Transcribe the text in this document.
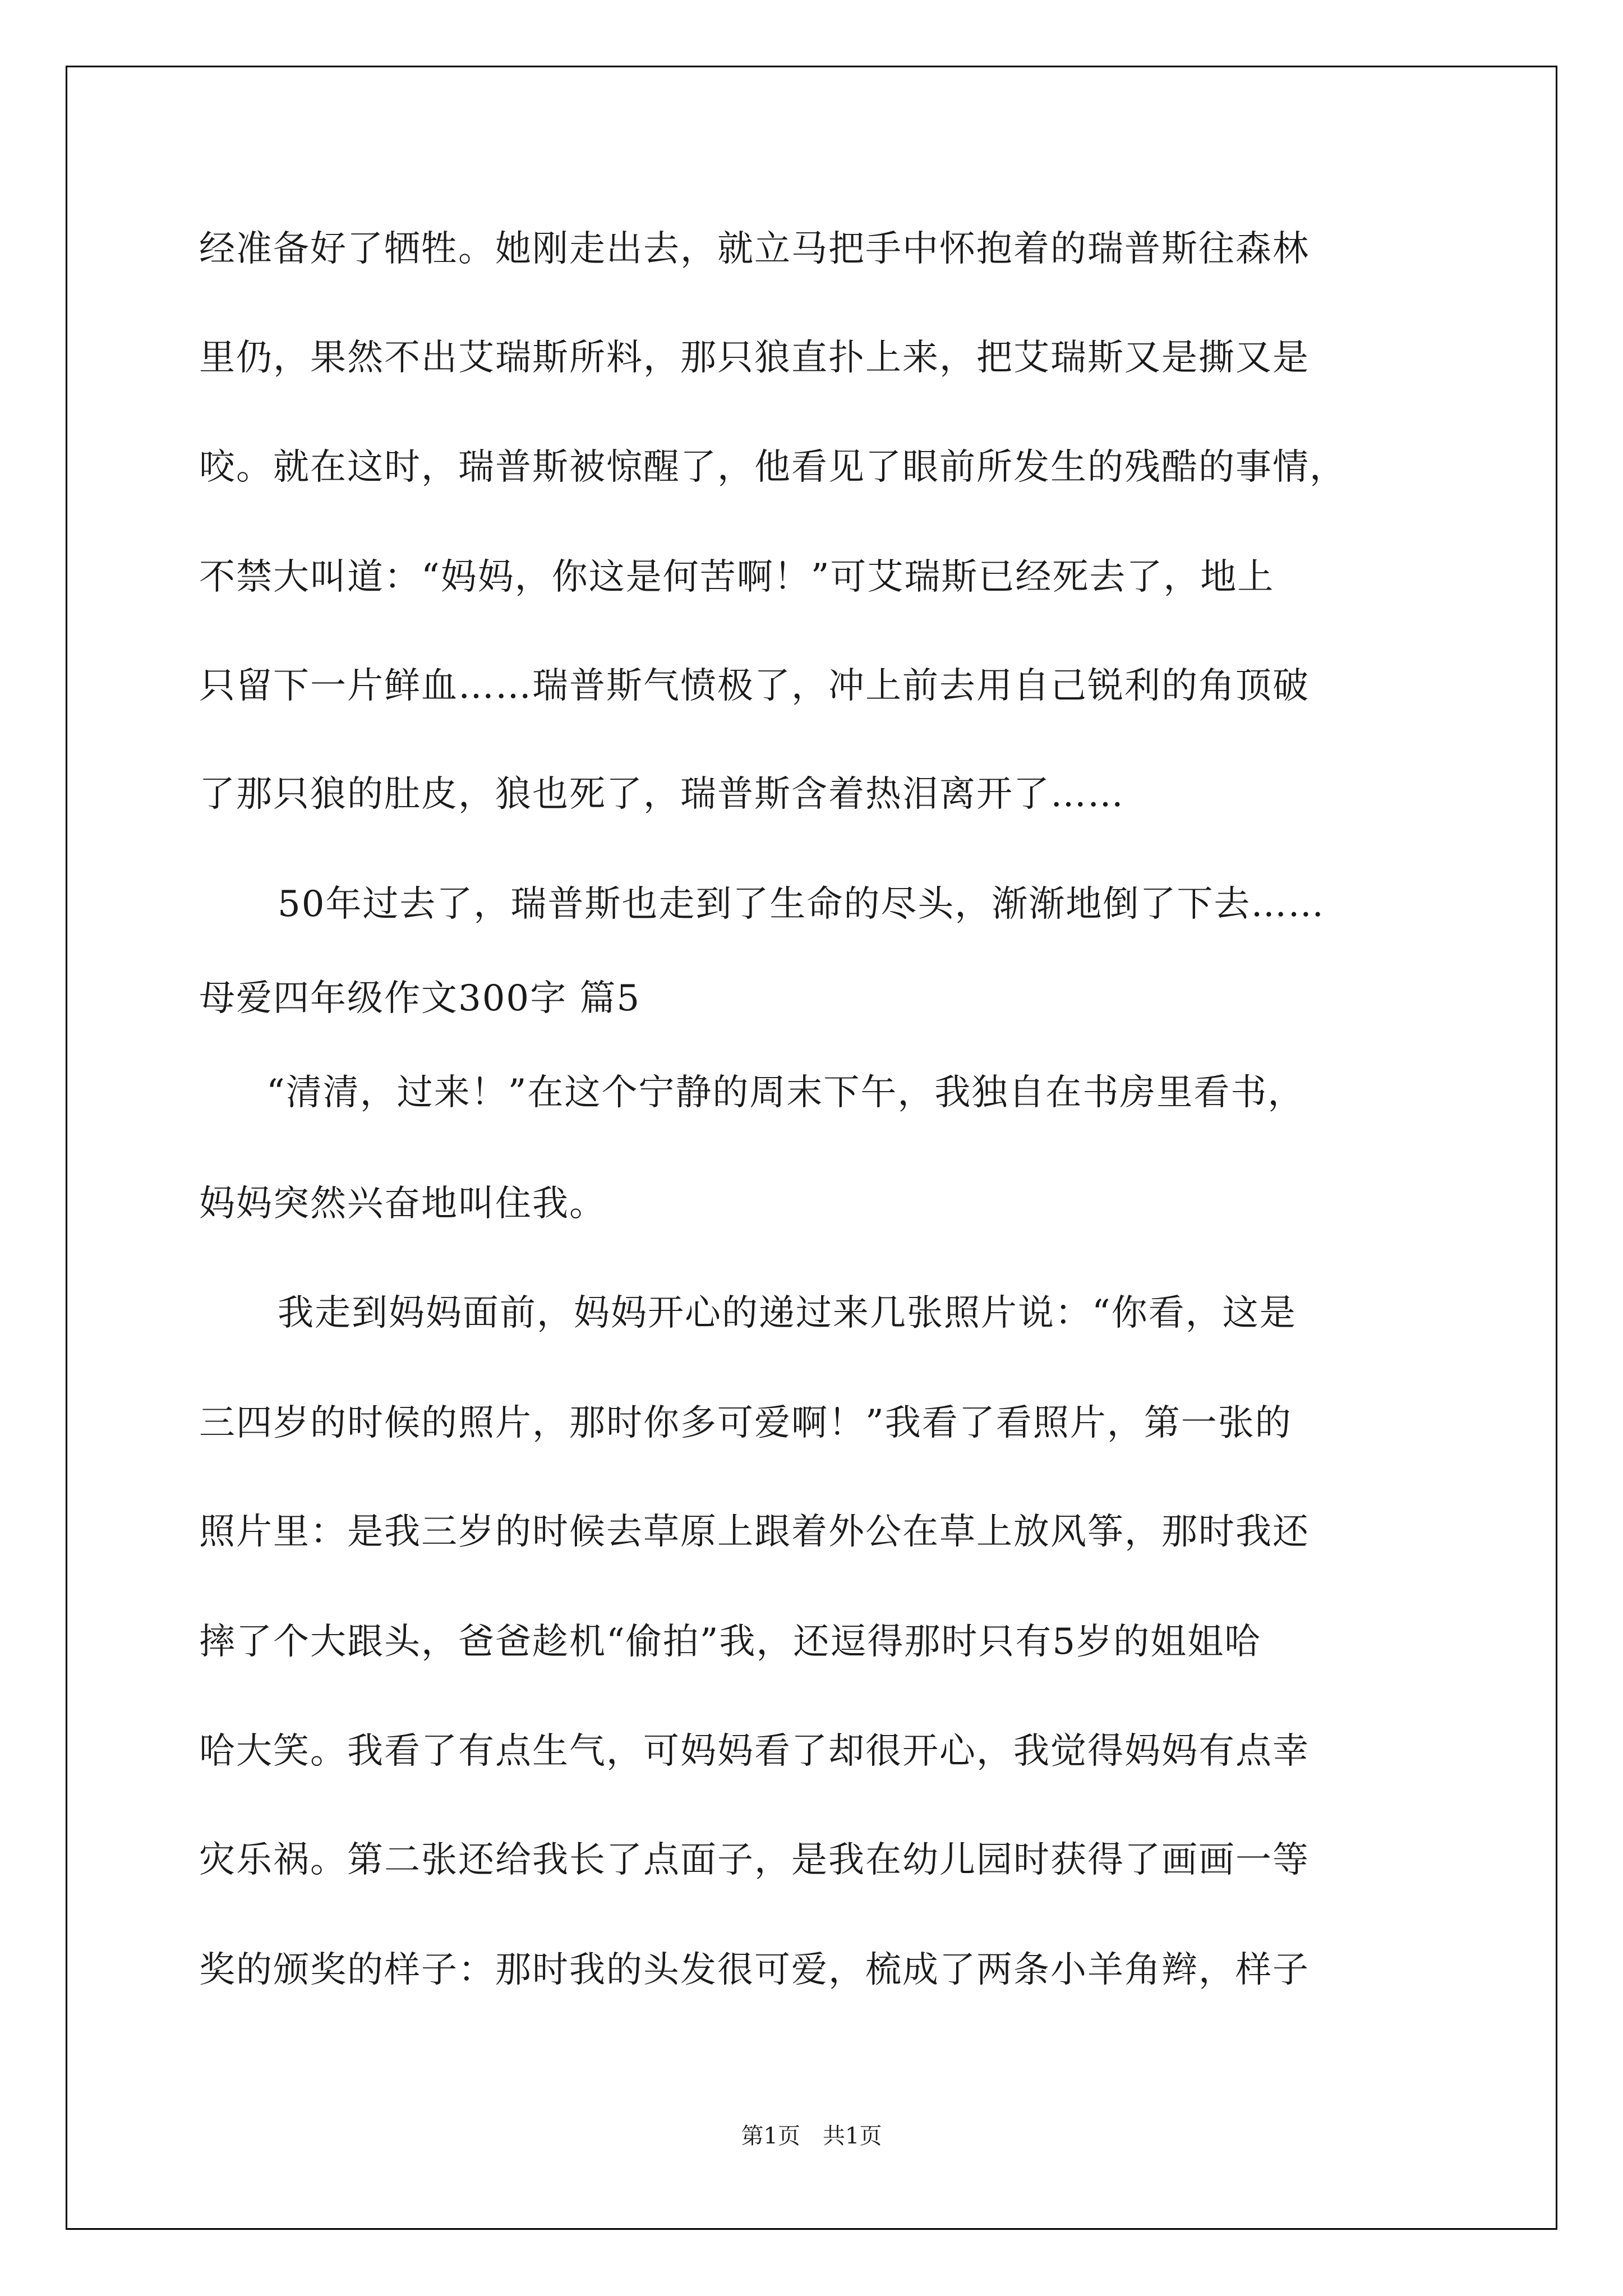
经准备好了牺牲。她刚走出去，就立马把手中怀抱着的瑞普斯往森林
里仍，果然不出艾瑞斯所料，那只狼直扑上来，把艾瑞斯又是撕又是
咬。就在这时，瑞普斯被惊醒了，他看见了眼前所发生的残酷的事情，
不禁大叫道：“妈妈，你这是何苦啊！”可艾瑞斯已经死去了，地上
只留下一片鲜血……瑞普斯气愤极了，冲上前去用自己锐利的角顶破
了那只狼的肚皮，狼也死了，瑞普斯含着热泪离开了……
50年过去了，瑞普斯也走到了生命的尽头，渐渐地倒了下去……
母爱四年级作文300字 篇5
“清清，过来！”在这个宁静的周末下午，我独自在书房里看书，
妈妈突然兴奋地叫住我。
我走到妈妈面前，妈妈开心的递过来几张照片说：“你看，这是
三四岁的时候的照片，那时你多可爱啊！”我看了看照片，第一张的
照片里：是我三岁的时候去草原上跟着外公在草上放风筝，那时我还
摔了个大跟头，爸爸趁机“偷拍”我，还逗得那时只有5岁的姐姐哈
哈大笑。我看了有点生气，可妈妈看了却很开心，我觉得妈妈有点幸
灾乐祸。第二张还给我长了点面子，是我在幼儿园时获得了画画一等
奖的颁奖的样子：那时我的头发很可爱，梳成了两条小羊角辫，样子
第1页　共1页
